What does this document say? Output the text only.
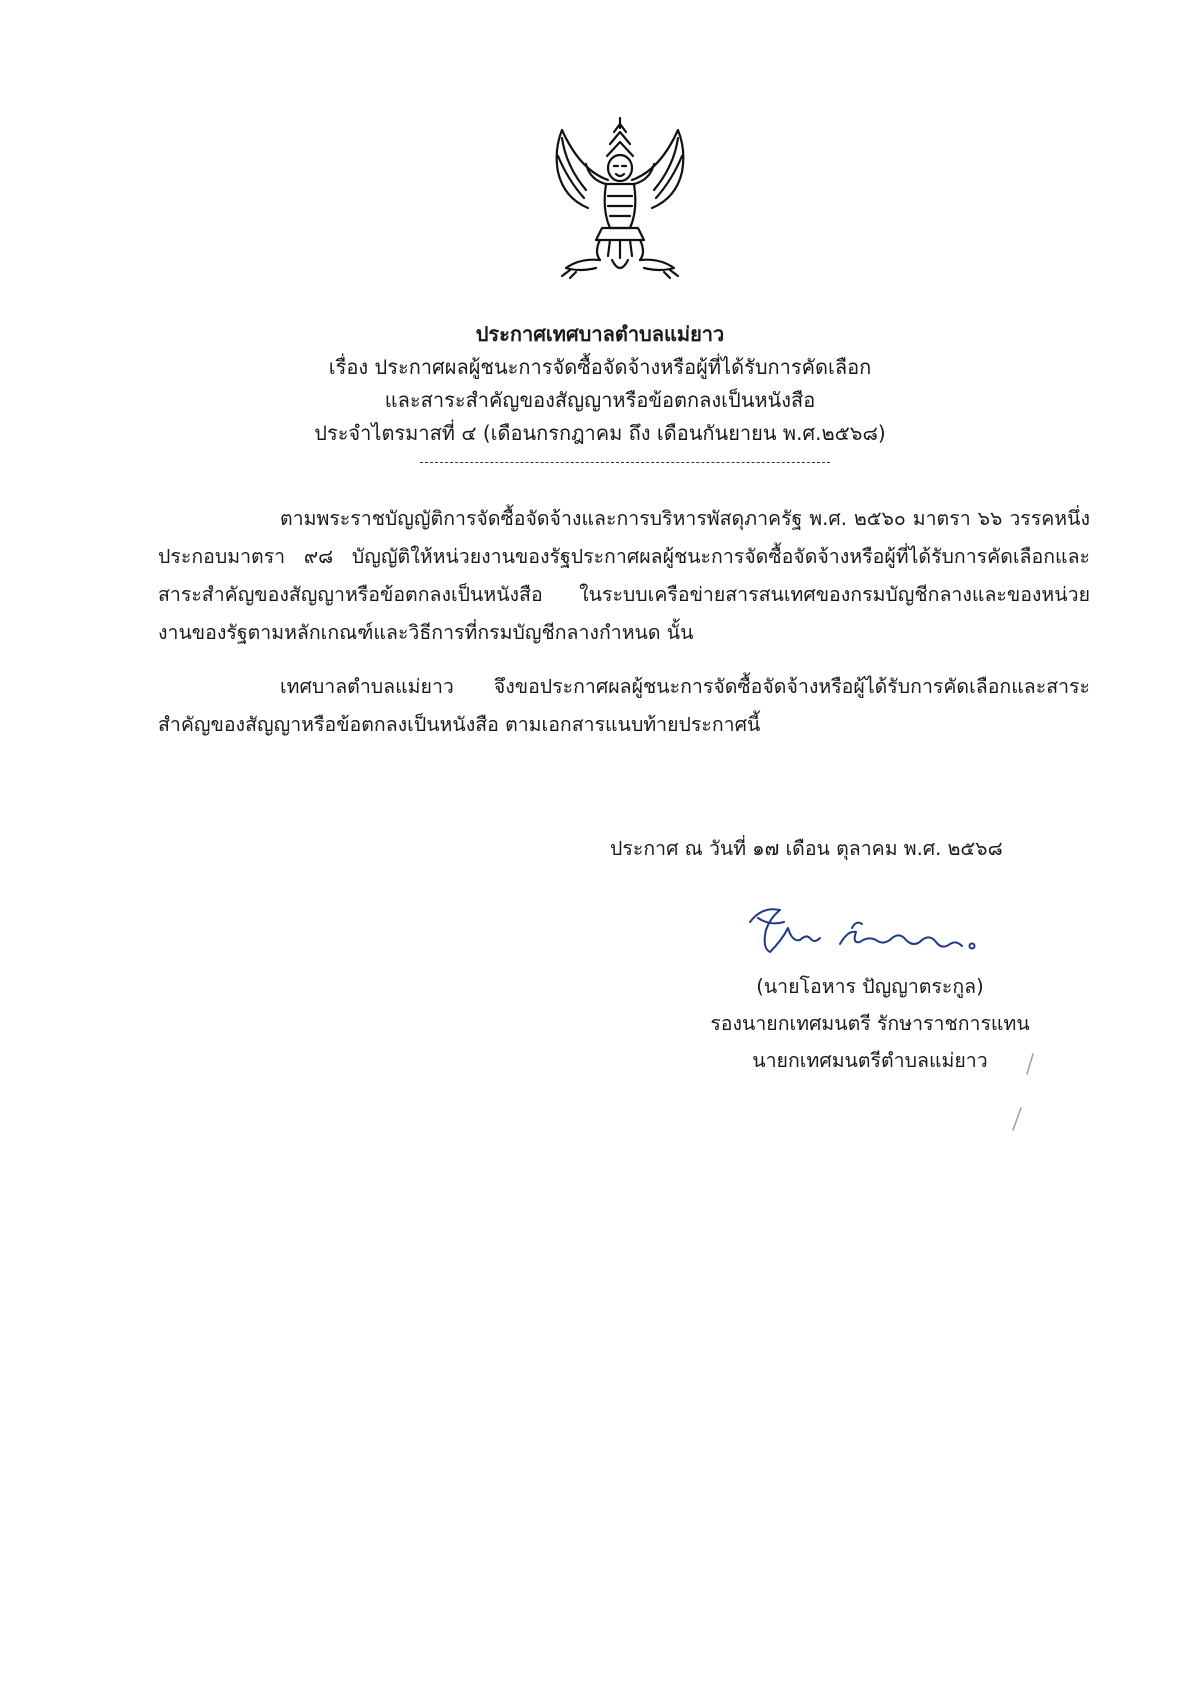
ประกาศเทศบาลตำบลแม่ยาว
เรื่อง ประกาศผลผู้ชนะการจัดซื้อจัดจ้างหรือผู้ที่ได้รับการคัดเลือก
และสาระสำคัญของสัญญาหรือข้อตกลงเป็นหนังสือ
ประจำไตรมาสที่ ๔ (เดือนกรกฎาคม ถึง เดือนกันยายน พ.ศ.๒๕๖๘)

ตามพระราชบัญญัติการจัดซื้อจัดจ้างและการบริหารพัสดุภาครัฐ พ.ศ. ๒๕๖๐ มาตรา ๖๖ วรรคหนึ่ง ประกอบมาตรา ๙๘ บัญญัติให้หน่วยงานของรัฐประกาศผลผู้ชนะการจัดซื้อจัดจ้างหรือผู้ที่ได้รับการคัดเลือกและสาระสำคัญของสัญญาหรือข้อตกลงเป็นหนังสือ ในระบบเครือข่ายสารสนเทศของกรมบัญชีกลางและของหน่วยงานของรัฐตามหลักเกณฑ์และวิธีการที่กรมบัญชีกลางกำหนด นั้น

เทศบาลตำบลแม่ยาว จึงขอประกาศผลผู้ชนะการจัดซื้อจัดจ้างหรือผู้ได้รับการคัดเลือกและสาระสำคัญของสัญญาหรือข้อตกลงเป็นหนังสือ ตามเอกสารแนบท้ายประกาศนี้

ประกาศ ณ วันที่ ๑๗ เดือน ตุลาคม พ.ศ. ๒๕๖๘
(นายโอหาร ปัญญาตระกูล)
รองนายกเทศมนตรี รักษาราชการแทน
นายกเทศมนตรีตำบลแม่ยาว
